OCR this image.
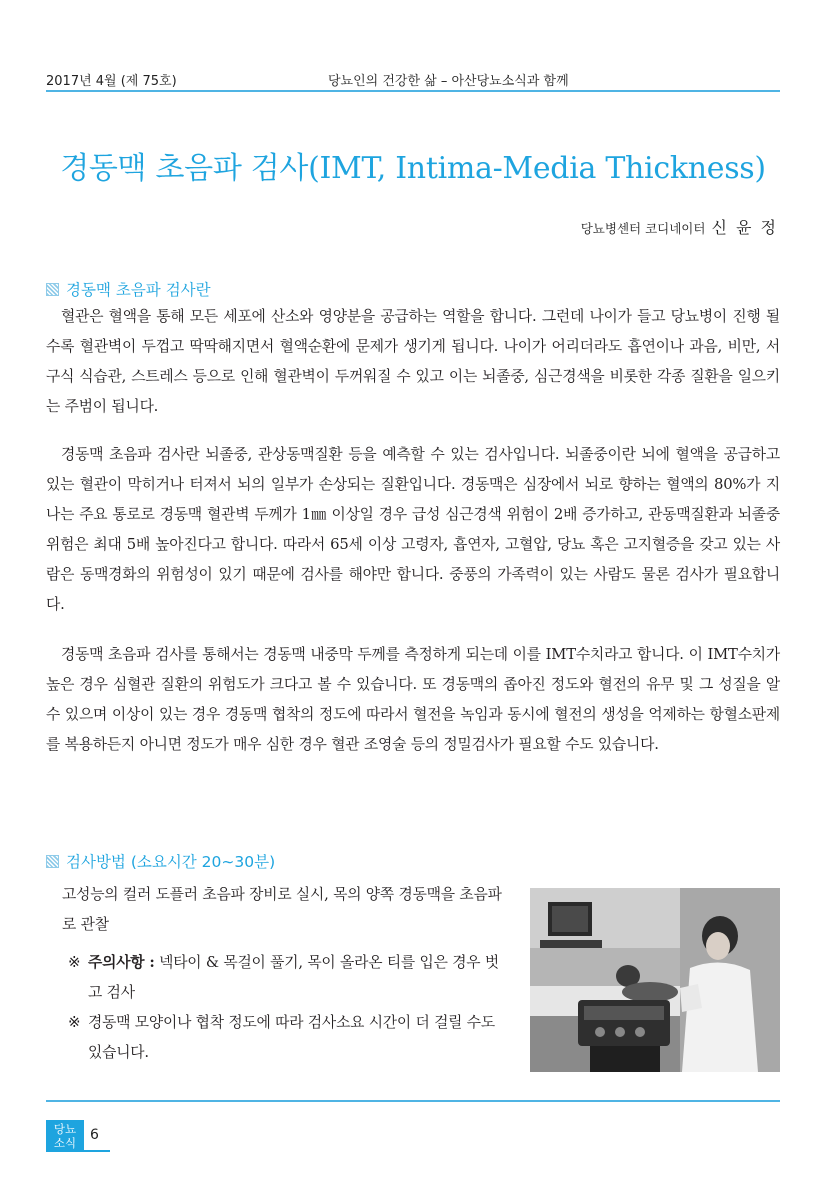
2017년 4월 (제 75호)	당뇨인의 건강한 삶 – 아산당뇨소식과 함께
경동맥 초음파 검사(IMT, Intima-Media Thickness)
당뇨병센터 코디네이터 신 윤 정
경동맥 초음파 검사란

혈관은 혈액을 통해 모든 세포에 산소와 영양분을 공급하는 역할을 합니다. 그런데 나이가 들고 당뇨병이 진행 될수록 혈관벽이 두껍고 딱딱해지면서 혈액순환에 문제가 생기게 됩니다. 나이가 어리더라도 흡연이나 과음, 비만, 서구식 식습관, 스트레스 등으로 인해 혈관벽이 두꺼워질 수 있고 이는 뇌졸중, 심근경색을 비롯한 각종 질환을 일으키는 주범이 됩니다.

경동맥 초음파 검사란 뇌졸중, 관상동맥질환 등을 예측할 수 있는 검사입니다. 뇌졸중이란 뇌에 혈액을 공급하고 있는 혈관이 막히거나 터져서 뇌의 일부가 손상되는 질환입니다. 경동맥은 심장에서 뇌로 향하는 혈액의 80%가 지나는 주요 통로로 경동맥 혈관벽 두께가 1㎜ 이상일 경우 급성 심근경색 위험이 2배 증가하고, 관동맥질환과 뇌졸중 위험은 최대 5배 높아진다고 합니다. 따라서 65세 이상 고령자, 흡연자, 고혈압, 당뇨 혹은 고지혈증을 갖고 있는 사람은 동맥경화의 위험성이 있기 때문에 검사를 해야만 합니다. 중풍의 가족력이 있는 사람도 물론 검사가 필요합니다.

경동맥 초음파 검사를 통해서는 경동맥 내중막 두께를 측정하게 되는데 이를 IMT수치라고 합니다. 이 IMT수치가 높은 경우 심혈관 질환의 위험도가 크다고 볼 수 있습니다. 또 경동맥의 좁아진 정도와 혈전의 유무 및 그 성질을 알 수 있으며 이상이 있는 경우 경동맥 협착의 정도에 따라서 혈전을 녹임과 동시에 혈전의 생성을 억제하는 항혈소판제를 복용하든지 아니면 정도가 매우 심한 경우 혈관 조영술 등의 정밀검사가 필요할 수도 있습니다.

검사방법 (소요시간 20∼30분)

고성능의 컬러 도플러 초음파 장비로 실시, 목의 양쪽 경동맥을 초음파로 관찰

※ 주의사항 : 넥타이 & 목걸이 풀기, 목이 올라온 티를 입은 경우 벗고 검사

※ 경동맥 모양이나 협착 정도에 따라 검사소요 시간이 더 걸릴 수도 있습니다.

당뇨
소식 6
